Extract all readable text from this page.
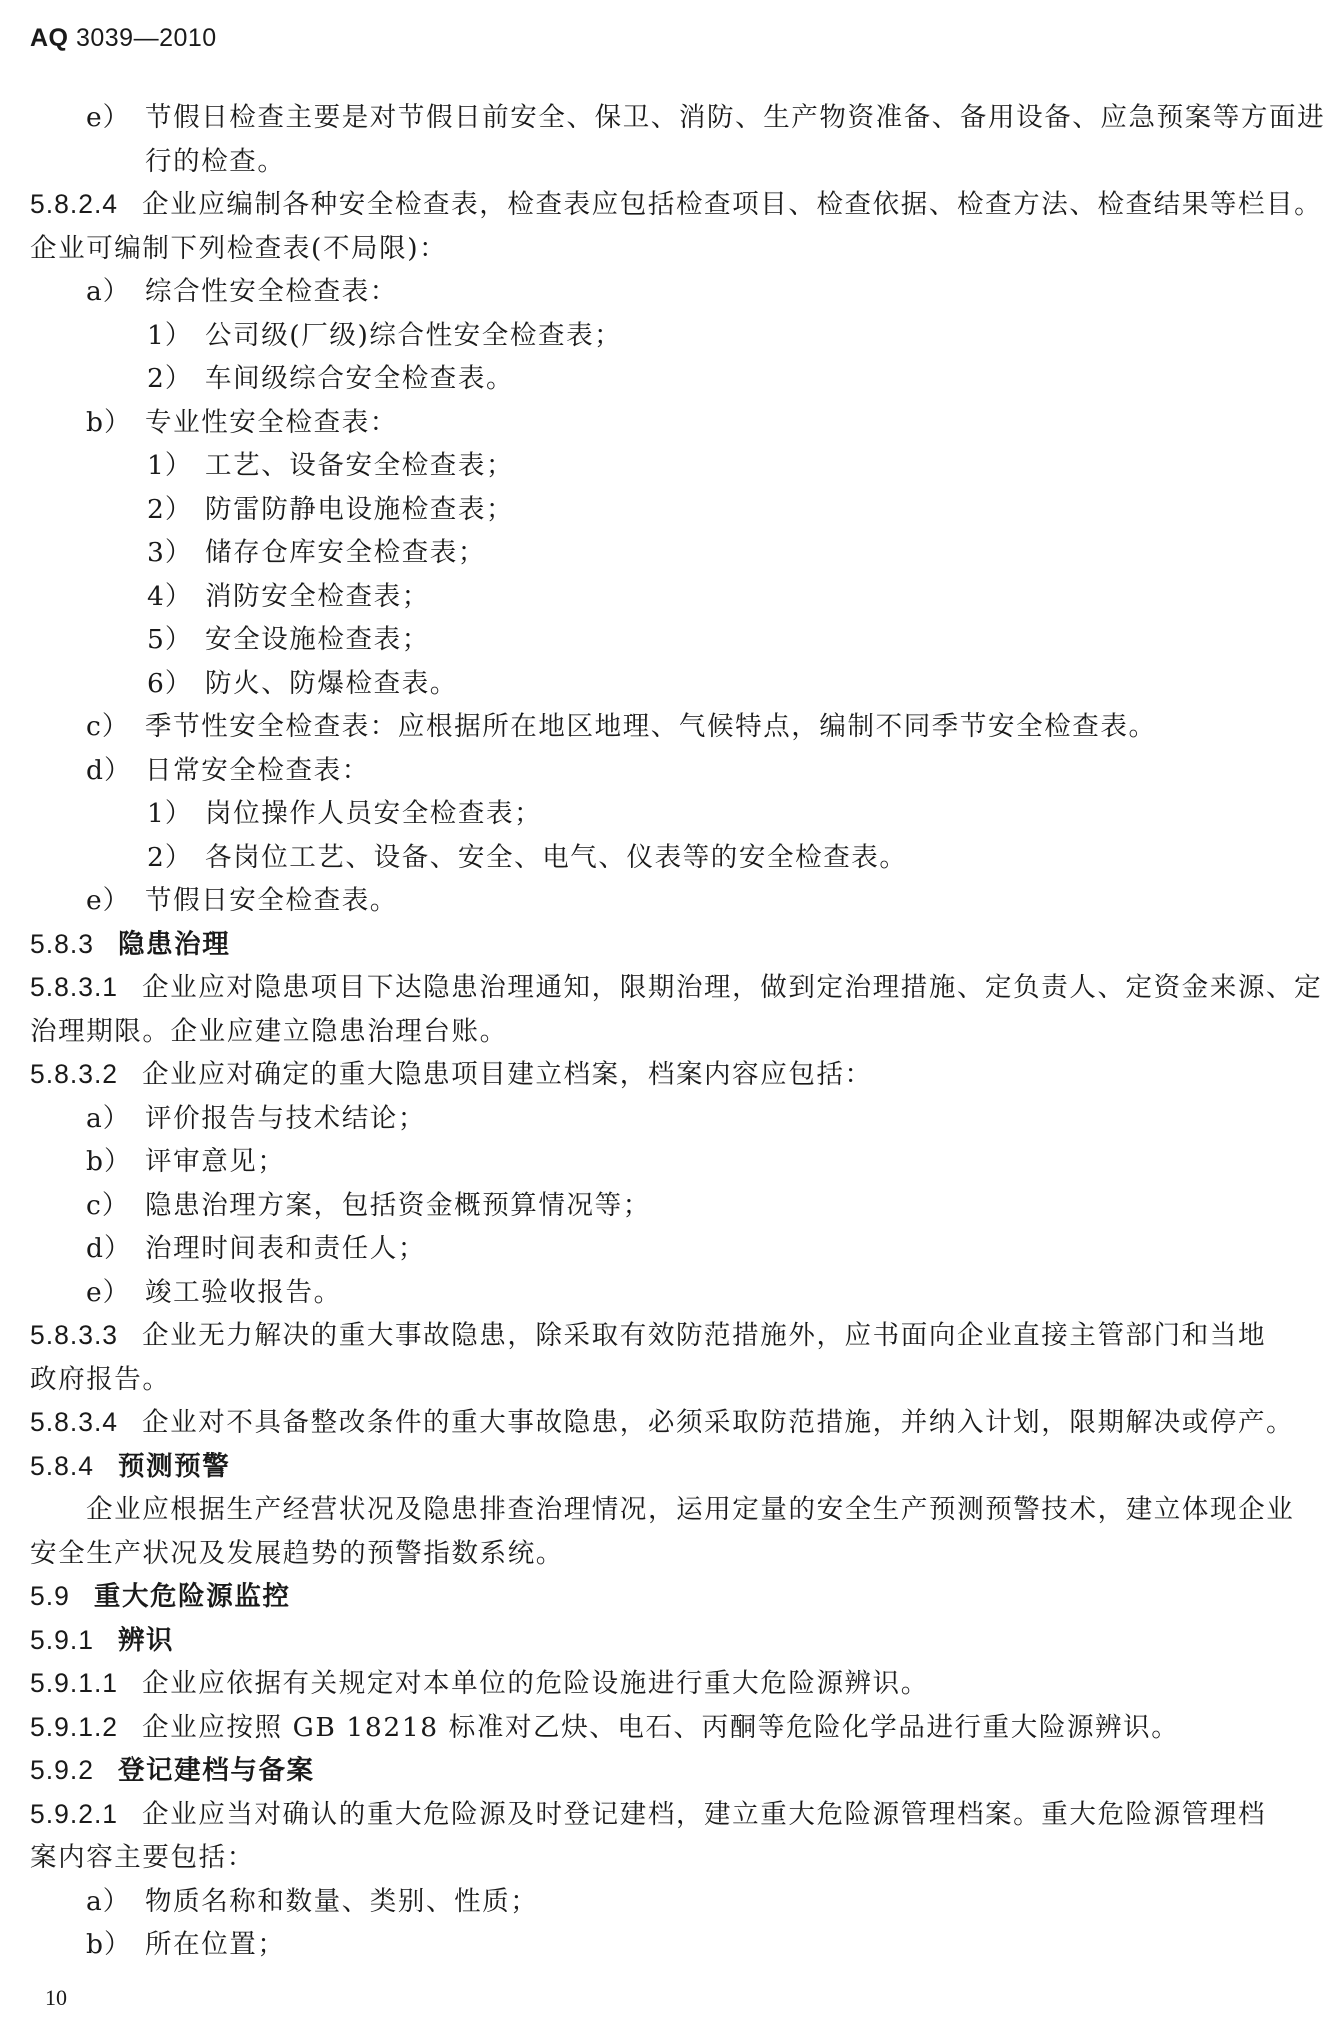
AQ 3039—2010
e） 节假日检查主要是对节假日前安全、保卫、消防、生产物资准备、备用设备、应急预案等方面进
行的检查。
5.8.2.4 企业应编制各种安全检查表，检查表应包括检查项目、检查依据、检查方法、检查结果等栏目。
企业可编制下列检查表(不局限)：
a） 综合性安全检查表：
1） 公司级(厂级)综合性安全检查表；
2） 车间级综合安全检查表。
b） 专业性安全检查表：
1） 工艺、设备安全检查表；
2） 防雷防静电设施检查表；
3） 储存仓库安全检查表；
4） 消防安全检查表；
5） 安全设施检查表；
6） 防火、防爆检查表。
c） 季节性安全检查表：应根据所在地区地理、气候特点，编制不同季节安全检查表。
d） 日常安全检查表：
1） 岗位操作人员安全检查表；
2） 各岗位工艺、设备、安全、电气、仪表等的安全检查表。
e） 节假日安全检查表。
5.8.3 隐患治理
5.8.3.1 企业应对隐患项目下达隐患治理通知，限期治理，做到定治理措施、定负责人、定资金来源、定
治理期限。企业应建立隐患治理台账。
5.8.3.2 企业应对确定的重大隐患项目建立档案，档案内容应包括：
a） 评价报告与技术结论；
b） 评审意见；
c） 隐患治理方案，包括资金概预算情况等；
d） 治理时间表和责任人；
e） 竣工验收报告。
5.8.3.3 企业无力解决的重大事故隐患，除采取有效防范措施外，应书面向企业直接主管部门和当地
政府报告。
5.8.3.4 企业对不具备整改条件的重大事故隐患，必须采取防范措施，并纳入计划，限期解决或停产。
5.8.4 预测预警
企业应根据生产经营状况及隐患排查治理情况，运用定量的安全生产预测预警技术，建立体现企业
安全生产状况及发展趋势的预警指数系统。
5.9 重大危险源监控
5.9.1 辨识
5.9.1.1 企业应依据有关规定对本单位的危险设施进行重大危险源辨识。
5.9.1.2 企业应按照 GB 18218 标准对乙炔、电石、丙酮等危险化学品进行重大险源辨识。
5.9.2 登记建档与备案
5.9.2.1 企业应当对确认的重大危险源及时登记建档，建立重大危险源管理档案。重大危险源管理档
案内容主要包括：
a） 物质名称和数量、类别、性质；
b） 所在位置；
10
